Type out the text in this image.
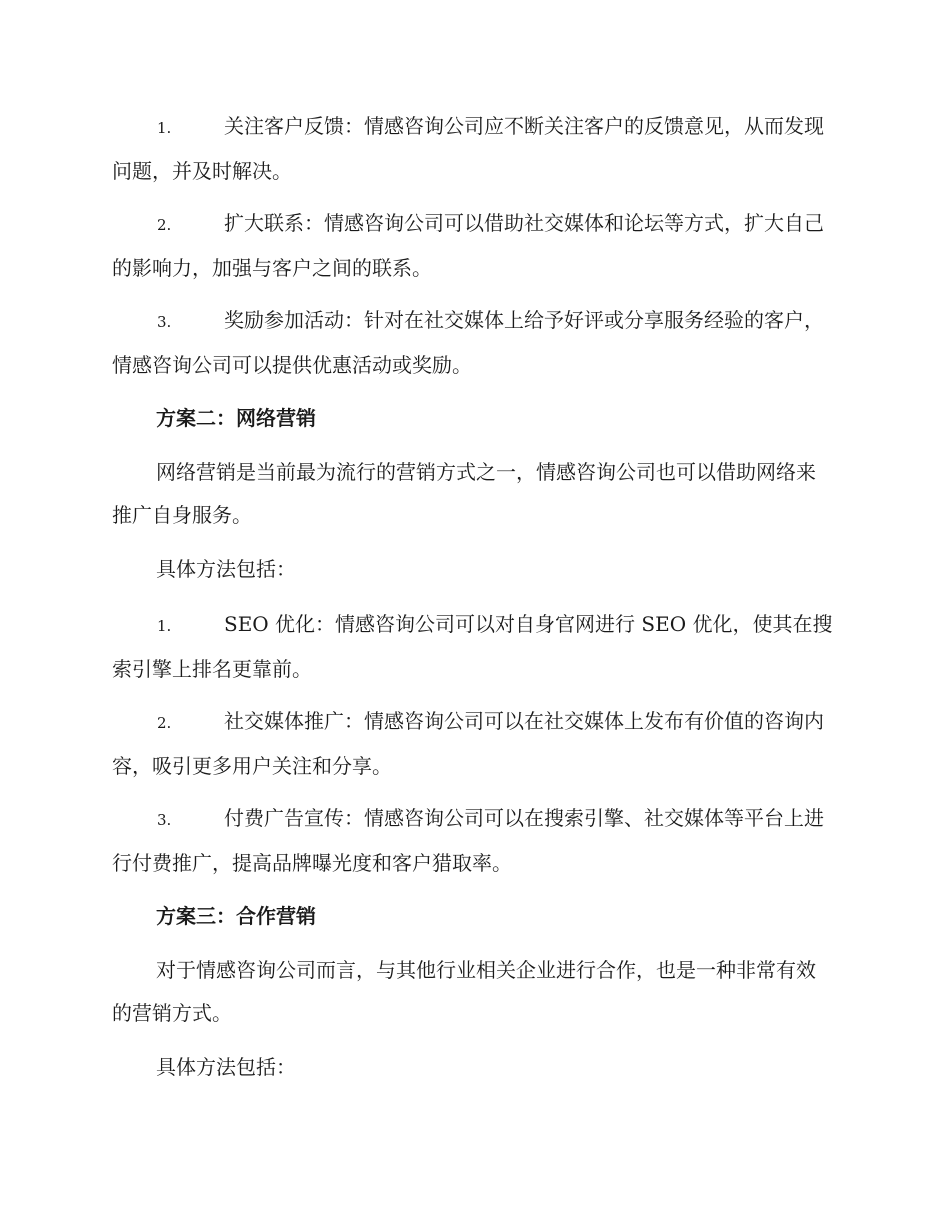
1.	关注客户反馈：情感咨询公司应不断关注客户的反馈意见，从而发现问题，并及时解决。

2.	扩大联系：情感咨询公司可以借助社交媒体和论坛等方式，扩大自己的影响力，加强与客户之间的联系。

3.	奖励参加活动：针对在社交媒体上给予好评或分享服务经验的客户，情感咨询公司可以提供优惠活动或奖励。

方案二：网络营销

网络营销是当前最为流行的营销方式之一，情感咨询公司也可以借助网络来推广自身服务。

具体方法包括：

1.	SEO 优化：情感咨询公司可以对自身官网进行 SEO 优化，使其在搜索引擎上排名更靠前。

2.	社交媒体推广：情感咨询公司可以在社交媒体上发布有价值的咨询内容，吸引更多用户关注和分享。

3.	付费广告宣传：情感咨询公司可以在搜索引擎、社交媒体等平台上进行付费推广，提高品牌曝光度和客户猎取率。

方案三：合作营销

对于情感咨询公司而言，与其他行业相关企业进行合作，也是一种非常有效的营销方式。

具体方法包括：
